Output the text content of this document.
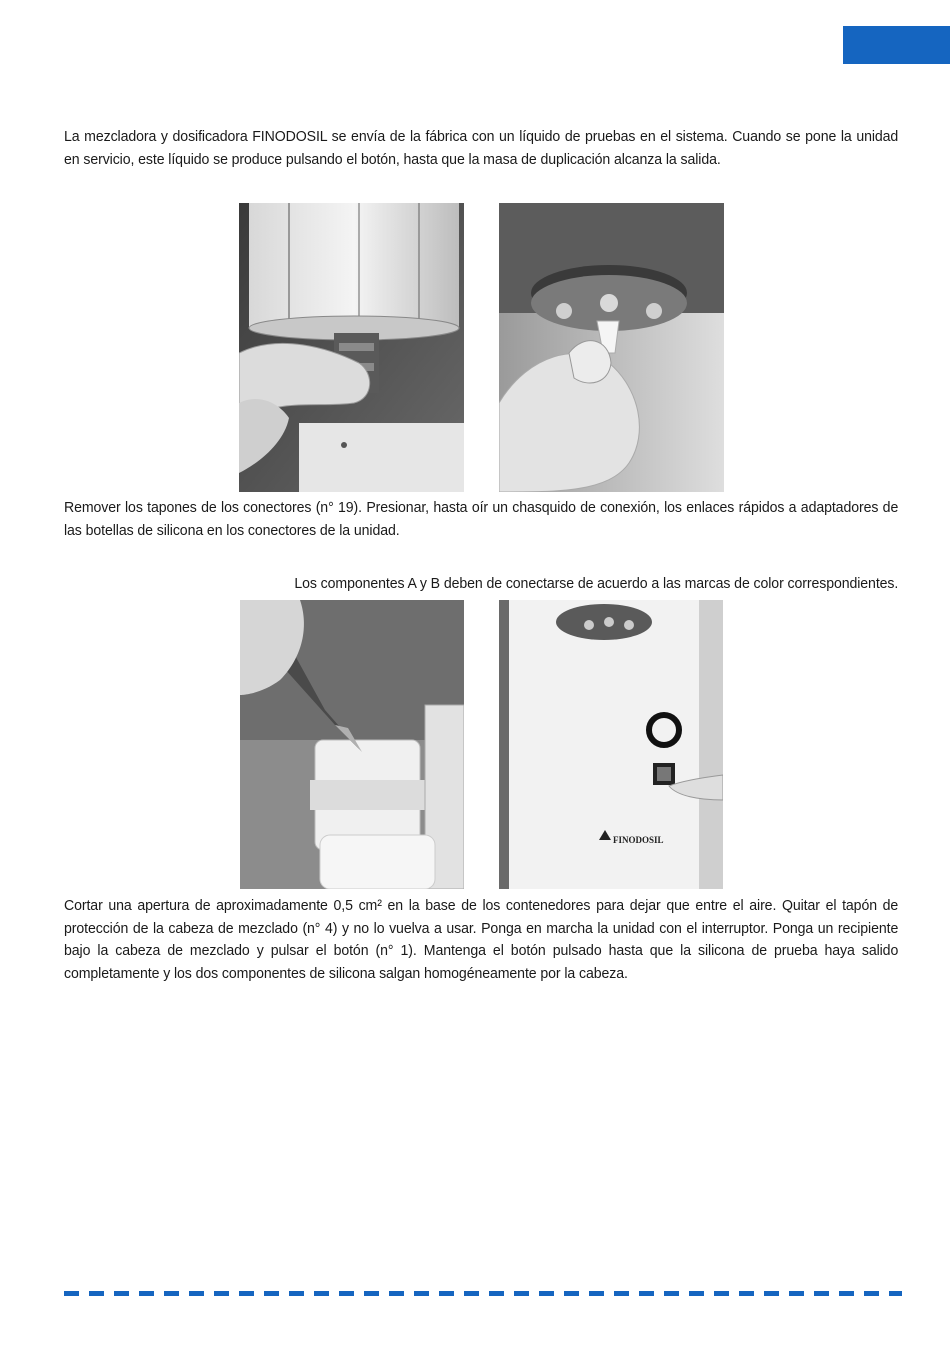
La mezcladora y dosificadora FINODOSIL se envía de la fábrica con un líquido de pruebas en el sistema. Cuando se pone la unidad en servicio, este líquido se produce pulsando el botón, hasta que la masa de duplicación alcanza la salida.

Remover los tapones de los conectores (n° 19). Presionar, hasta oír un chasquido de conexión, los enlaces rápidos a adaptadores de las botellas de silicona en los conectores de la unidad.

Los componentes A y B deben de conectarse de acuerdo a las marcas de color correspondientes.

FINODOSIL

Cortar una apertura de aproximadamente 0,5 cm² en la base de los contenedores para dejar que entre el aire. Quitar el tapón de protección de la cabeza de mezclado (n° 4) y no lo vuelva a usar. Ponga en marcha la unidad con el interruptor. Ponga un recipiente bajo la cabeza de mezclado y pulsar el botón (n° 1). Mantenga el botón pulsado hasta que la silicona de prueba haya salido completamente y los dos componentes de silicona salgan homogéneamente por la cabeza.
